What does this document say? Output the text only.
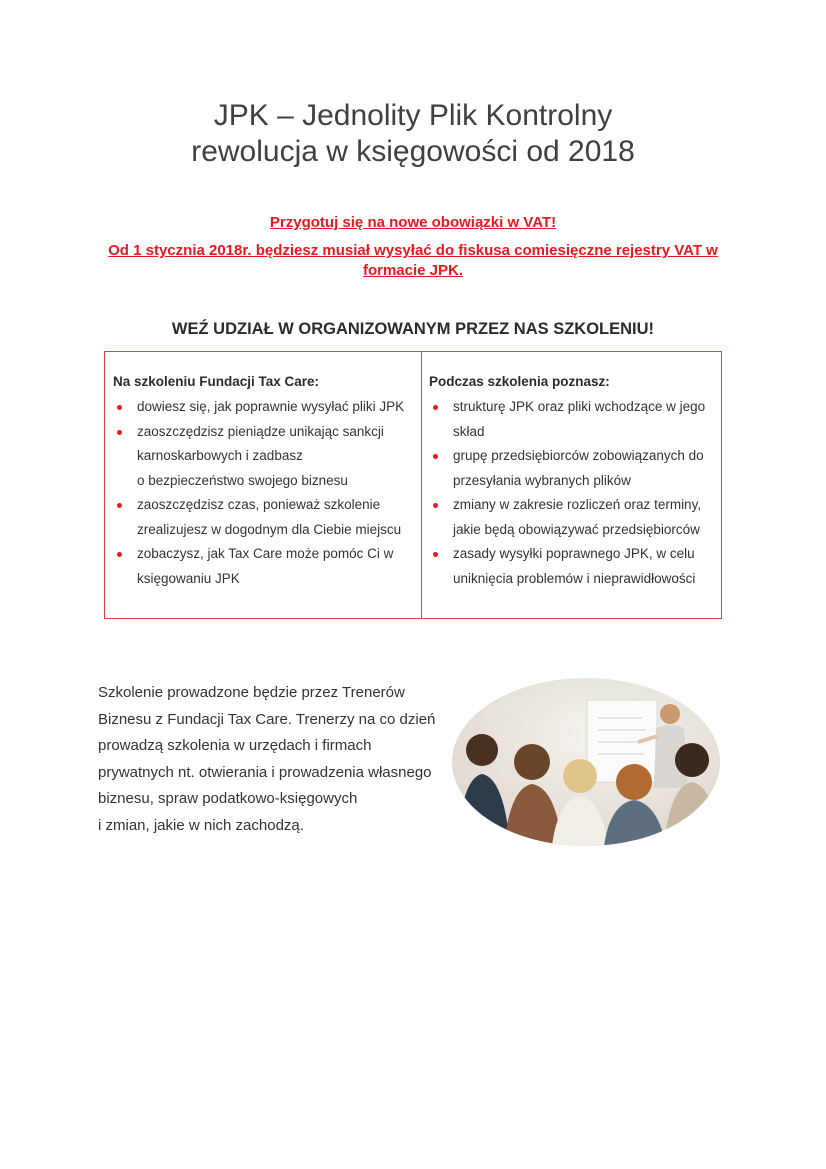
JPK – Jednolity Plik Kontrolny
rewolucja w księgowości od 2018
Przygotuj się na nowe obowiązki w VAT!
Od 1 stycznia 2018r. będziesz musiał wysyłać do fiskusa comiesięczne rejestry VAT w
formacie JPK.
WEŹ UDZIAŁ W ORGANIZOWANYM PRZEZ NAS SZKOLENIU!
Na szkoleniu Fundacji Tax Care:
dowiesz się, jak poprawnie wysyłać pliki JPK
zaoszczędzisz pieniądze unikając sankcji
karnoskarbowych i zadbasz
o bezpieczeństwo swojego biznesu
zaoszczędzisz czas, ponieważ szkolenie
zrealizujesz w dogodnym dla Ciebie miejscu
zobaczysz, jak Tax Care może pomóc Ci w
księgowaniu JPK
Podczas szkolenia poznasz:
strukturę JPK oraz pliki wchodzące w jego
skład
grupę przedsiębiorców zobowiązanych do
przesyłania wybranych plików
zmiany w zakresie rozliczeń oraz terminy,
jakie będą obowiązywać przedsiębiorców
zasady wysyłki poprawnego JPK, w celu
uniknięcia problemów i nieprawidłowości
Szkolenie prowadzone będzie przez Trenerów
Biznesu z Fundacji Tax Care. Trenerzy na co dzień
prowadzą szkolenia w urzędach i firmach
prywatnych nt. otwierania i prowadzenia własnego
biznesu, spraw podatkowo-księgowych
i zmian, jakie w nich zachodzą.
